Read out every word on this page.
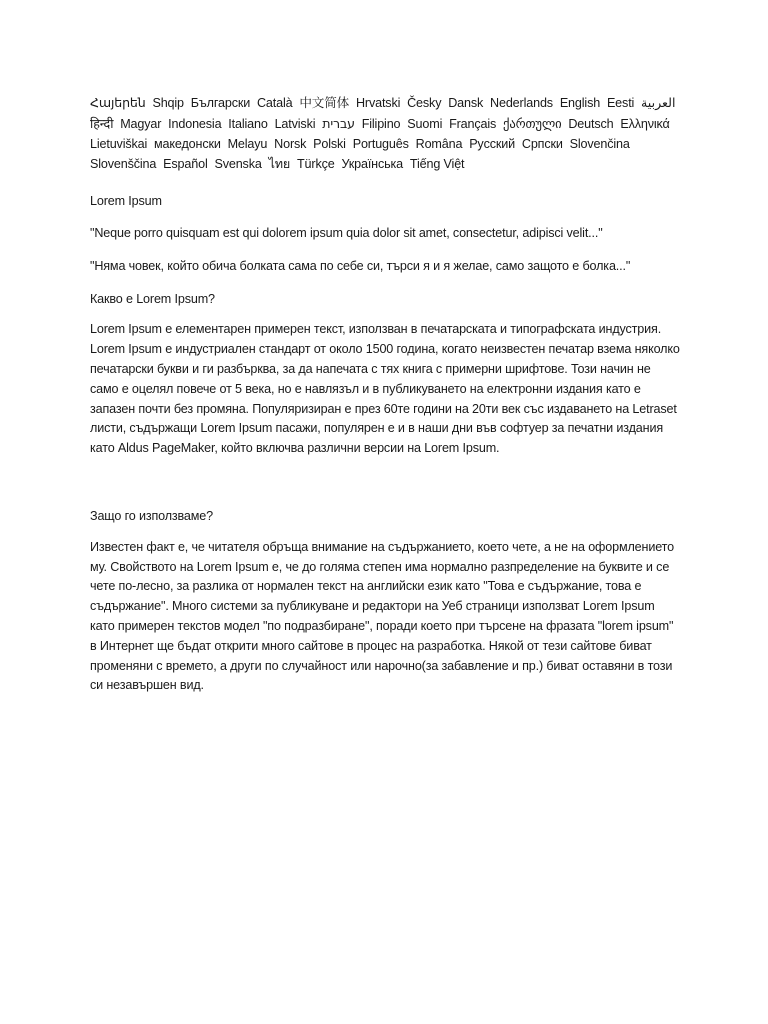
Հայերեն Shqip Български Català 中文简体 Hrvatski Česky Dansk Nederlands English Eesti العربية हिन्दी Magyar Indonesia Italiano Latviski עברית Filipino Suomi Français ქართული Deutsch Ελληνικά Lietuviškai македонски Melayu Norsk Polski Português Româna Pyccкий Српски Slovenčina Slovenščina Español Svenska ไทย Türkçe Українська Tiếng Việt

Lorem Ipsum

"Neque porro quisquam est qui dolorem ipsum quia dolor sit amet, consectetur, adipisci velit..."

"Няма човек, който обича болката сама по себе си, търси я и я желае, само защото е болка..."

Какво е Lorem Ipsum?

Lorem Ipsum е елементарен примерен текст, използван в печатарската и типографската индустрия. Lorem Ipsum е индустриален стандарт от около 1500 година, когато неизвестен печатар взема няколко печатарски букви и ги разбърква, за да напечата с тях книга с примерни шрифтове. Този начин не само е оцелял повече от 5 века, но е навлязъл и в публикуването на електронни издания като е запазен почти без промяна. Популяризиран е през 60те години на 20ти век със издаването на Letraset листи, съдържащи Lorem Ipsum пасажи, популярен е и в наши дни във софтуер за печатни издания като Aldus PageMaker, който включва различни версии на Lorem Ipsum.

Защо го използваме?

Известен факт е, че читателя обръща внимание на съдържанието, което чете, а не на оформлението му. Свойството на Lorem Ipsum е, че до голяма степен има нормално разпределение на буквите и се чете по-лесно, за разлика от нормален текст на английски език като "Това е съдържание, това е съдържание". Много системи за публикуване и редактори на Уеб страници използват Lorem Ipsum като примерен текстов модел "по подразбиране", поради което при търсене на фразата "lorem ipsum" в Интернет ще бъдат открити много сайтове в процес на разработка. Някой от тези сайтове биват променяни с времето, а други по случайност или нарочно(за забавление и пр.) биват оставяни в този си незавършен вид.
